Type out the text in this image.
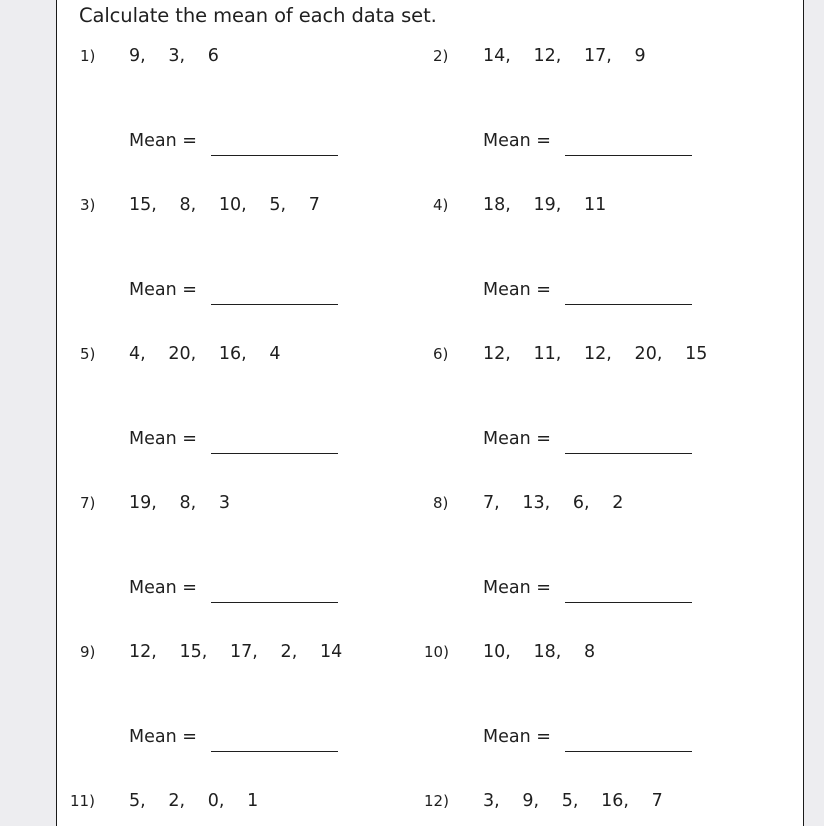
Calculate the mean of each data set.
1) 9,   3,   6
Mean =
2) 14,   12,   17,   9
Mean =
3) 15,   8,   10,   5,   7
Mean =
4) 18,   19,   11
Mean =
5) 4,   20,   16,   4
Mean =
6) 12,   11,   12,   20,   15
Mean =
7) 19,   8,   3
Mean =
8) 7,   13,   6,   2
Mean =
9) 12,   15,   17,   2,   14
Mean =
10) 10,   18,   8
Mean =
11) 5,   2,   0,   1	12) 3,   9,   5,   16,   7
